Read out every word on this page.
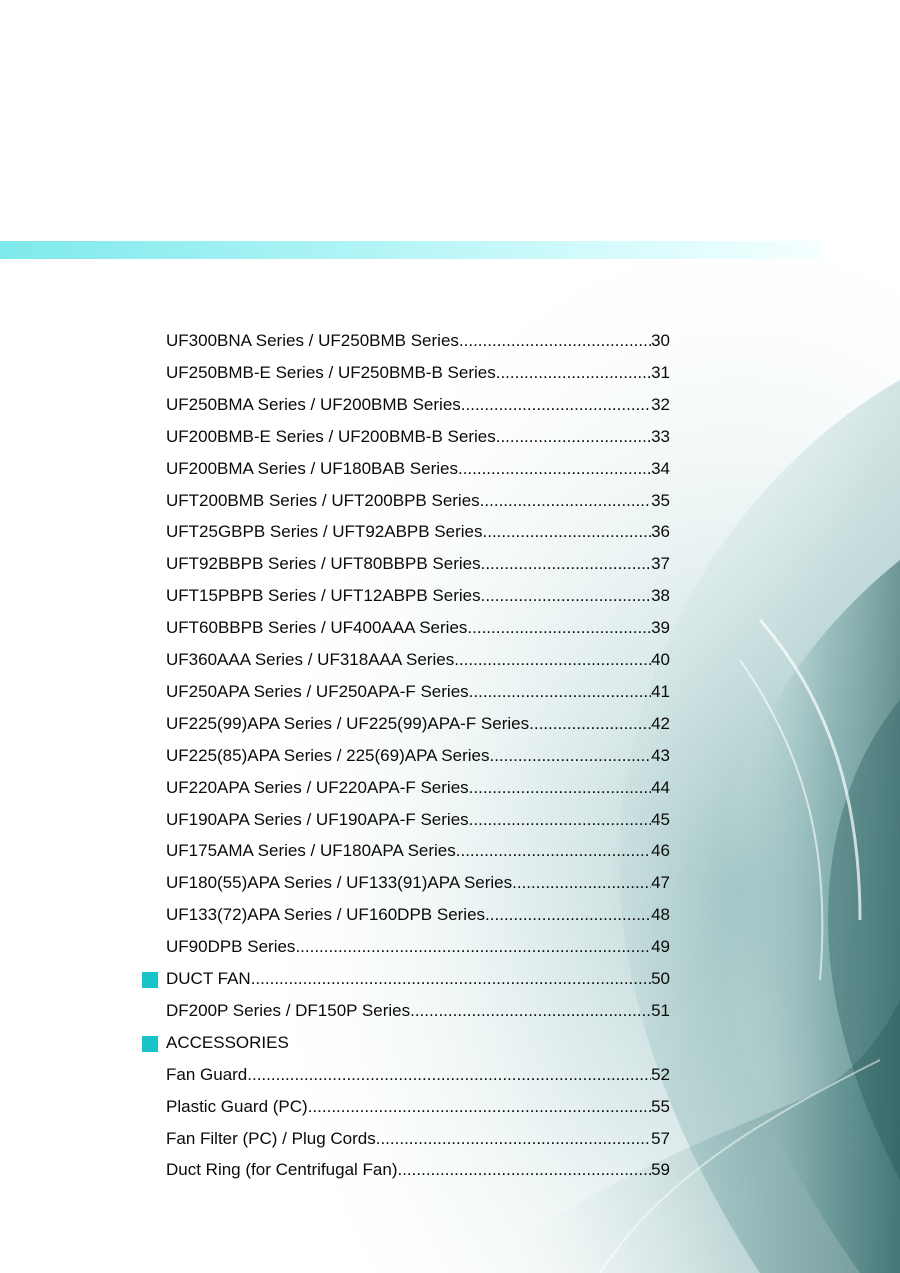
UF300BNA Series / UF250BMB Series .....	30
UF250BMB-E Series / UF250BMB-B Series .....	31
UF250BMA Series / UF200BMB Series .....	32
UF200BMB-E Series / UF200BMB-B Series .....	33
UF200BMA Series / UF180BAB Series .....	34
UFT200BMB Series / UFT200BPB Series .....	35
UFT25GBPB Series / UFT92ABPB Series .....	36
UFT92BBPB Series / UFT80BBPB Series .....	37
UFT15PBPB Series / UFT12ABPB Series .....	38
UFT60BBPB Series / UF400AAA Series .....	39
UF360AAA Series / UF318AAA Series .....	40
UF250APA Series / UF250APA-F Series .....	41
UF225(99)APA Series / UF225(99)APA-F Series .....	42
UF225(85)APA Series / 225(69)APA Series .....	43
UF220APA Series / UF220APA-F Series .....	44
UF190APA Series / UF190APA-F Series .....	45
UF175AMA Series / UF180APA Series .....	46
UF180(55)APA Series / UF133(91)APA Series .....	47
UF133(72)APA Series / UF160DPB Series .....	48
UF90DPB Series .....	49
DUCT FAN .....	50
DF200P Series / DF150P Series .....	51
ACCESSORIES
Fan Guard .....	52
Plastic Guard (PC) .....	55
Fan Filter (PC) / Plug Cords .....	57
Duct Ring (for Centrifugal Fan) .....	59
